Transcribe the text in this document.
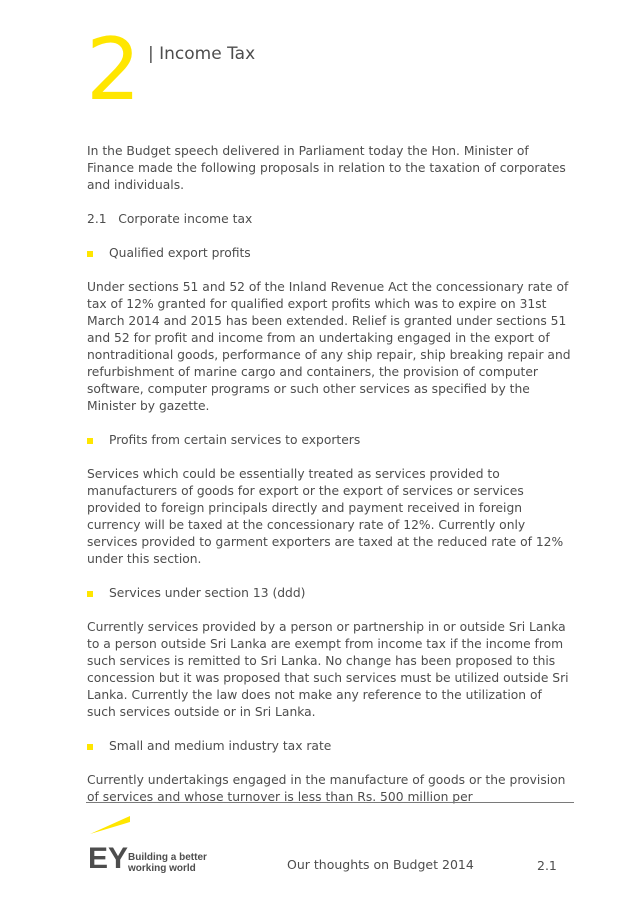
2 | Income Tax

In the Budget speech delivered in Parliament today the Hon. Minister of Finance made the following proposals in relation to the taxation of corporates and individuals.

2.1 Corporate income tax
Qualified export profits

Under sections 51 and 52 of the Inland Revenue Act the concessionary rate of tax of 12% granted for qualified export profits which was to expire on 31st March 2014 and 2015 has been extended. Relief is granted under sections 51 and 52 for profit and income from an undertaking engaged in the export of nontraditional goods, performance of any ship repair, ship breaking repair and refurbishment of marine cargo and containers, the provision of computer software, computer programs or such other services as specified by the Minister by gazette.

Profits from certain services to exporters

Services which could be essentially treated as services provided to manufacturers of goods for export or the export of services or services provided to foreign principals directly and payment received in foreign currency will be taxed at the concessionary rate of 12%. Currently only services provided to garment exporters are taxed at the reduced rate of 12% under this section.

Services under section 13 (ddd)

Currently services provided by a person or partnership in or outside Sri Lanka to a person outside Sri Lanka are exempt from income tax if the income from such services is remitted to Sri Lanka. No change has been proposed to this concession but it was proposed that such services must be utilized outside Sri Lanka. Currently the law does not make any reference to the utilization of such services outside or in Sri Lanka.

Small and medium industry tax rate

Currently undertakings engaged in the manufacture of goods or the provision of services and whose turnover is less than Rs. 500 million per

EY Building a better
working world	Our thoughts on Budget 2014	2.1
